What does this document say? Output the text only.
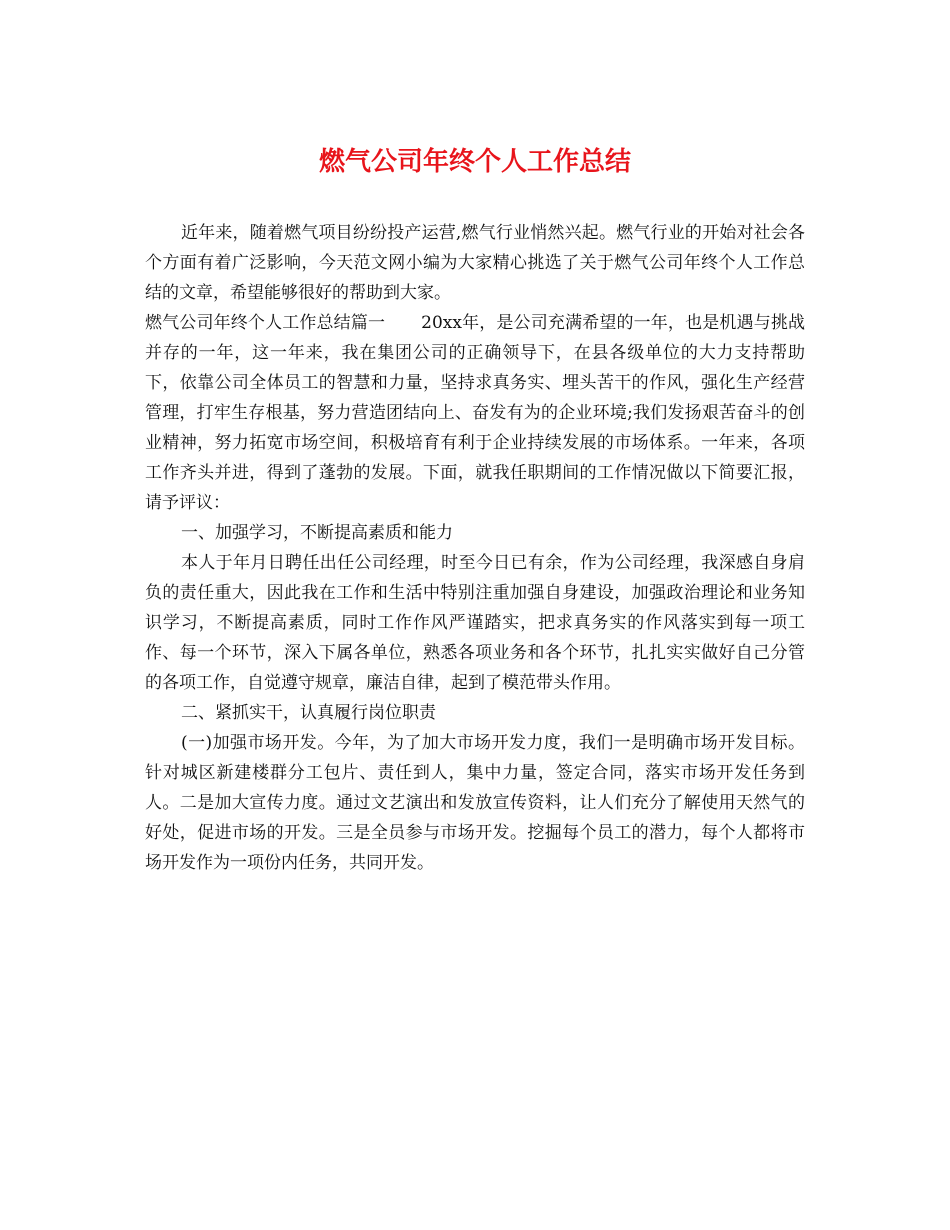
燃气公司年终个人工作总结

近年来，随着燃气项目纷纷投产运营,燃气行业悄然兴起。燃气行业的开始对社会各个方面有着广泛影响，今天范文网小编为大家精心挑选了关于燃气公司年终个人工作总结的文章，希望能够很好的帮助到大家。

燃气公司年终个人工作总结篇一 20xx年，是公司充满希望的一年，也是机遇与挑战并存的一年，这一年来，我在集团公司的正确领导下，在县各级单位的大力支持帮助下，依靠公司全体员工的智慧和力量，坚持求真务实、埋头苦干的作风，强化生产经营管理，打牢生存根基，努力营造团结向上、奋发有为的企业环境;我们发扬艰苦奋斗的创业精神，努力拓宽市场空间，积极培育有利于企业持续发展的市场体系。一年来，各项工作齐头并进，得到了蓬勃的发展。下面，就我任职期间的工作情况做以下简要汇报，请予评议：

一、加强学习，不断提高素质和能力

本人于年月日聘任出任公司经理，时至今日已有余，作为公司经理，我深感自身肩负的责任重大，因此我在工作和生活中特别注重加强自身建设，加强政治理论和业务知识学习，不断提高素质，同时工作作风严谨踏实，把求真务实的作风落实到每一项工作、每一个环节，深入下属各单位，熟悉各项业务和各个环节，扎扎实实做好自己分管的各项工作，自觉遵守规章，廉洁自律，起到了模范带头作用。

二、紧抓实干，认真履行岗位职责

(一)加强市场开发。今年，为了加大市场开发力度，我们一是明确市场开发目标。针对城区新建楼群分工包片、责任到人，集中力量，签定合同，落实市场开发任务到人。二是加大宣传力度。通过文艺演出和发放宣传资料，让人们充分了解使用天然气的好处，促进市场的开发。三是全员参与市场开发。挖掘每个员工的潜力，每个人都将市场开发作为一项份内任务，共同开发。
